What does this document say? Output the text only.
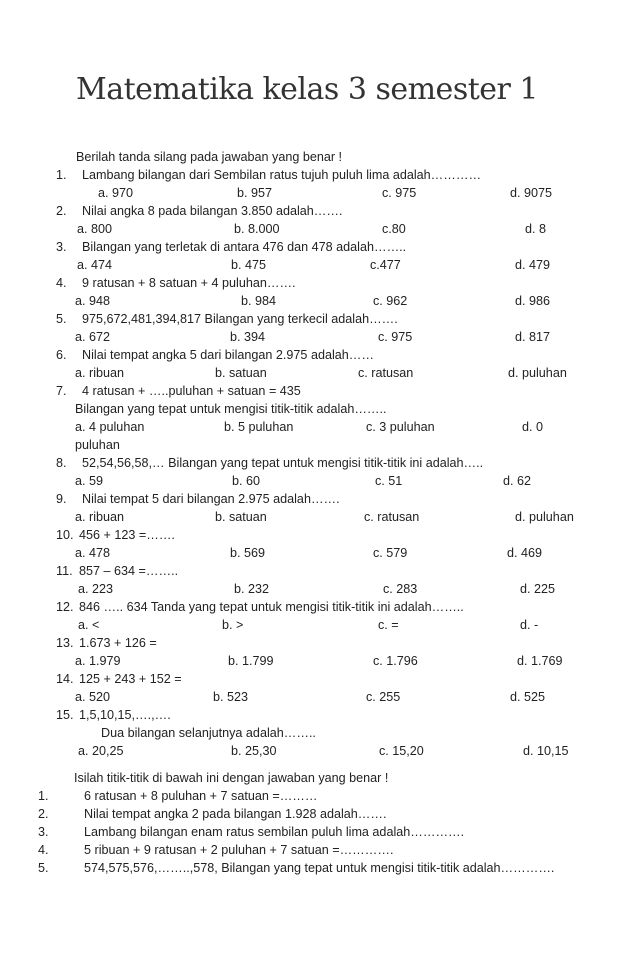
Matematika kelas 3 semester 1
Berilah tanda silang pada jawaban yang benar !
1. Lambang bilangan dari Sembilan ratus tujuh puluh lima adalah…………
a. 970	b. 957	c. 975	d. 9075
2. Nilai angka 8 pada bilangan 3.850 adalah…….
a. 800	b. 8.000	c.80	d. 8
3. Bilangan yang terletak di antara 476 dan 478 adalah……..
a. 474	b. 475	c.477	d. 479
4. 9 ratusan + 8 satuan + 4 puluhan…….
a. 948	b. 984	c. 962	d. 986
5. 975,672,481,394,817 Bilangan yang terkecil adalah…….
a. 672	b. 394	c. 975	d. 817
6. Nilai tempat angka 5 dari bilangan 2.975 adalah……
a. ribuan	b. satuan	c. ratusan	d. puluhan
7. 4 ratusan + …..puluhan + satuan = 435
Bilangan yang tepat untuk mengisi titik-titik adalah……..
a. 4 puluhan	b. 5 puluhan	c. 3 puluhan	d. 0
puluhan
8. 52,54,56,58,… Bilangan yang tepat untuk mengisi titik-titik ini adalah…..
a. 59	b. 60	c. 51	d. 62
9. Nilai tempat 5 dari bilangan 2.975 adalah…….
a. ribuan	b. satuan	c. ratusan	d. puluhan
10. 456 + 123 =…….
a. 478	b. 569	c. 579	d. 469
11. 857 – 634 =……..
a. 223	b. 232	c. 283	d. 225
12. 846 ….. 634 Tanda yang tepat untuk mengisi titik-titik ini adalah……..
a. <	b. >	c. =	d. -
13. 1.673 + 126 =
a. 1.979	b. 1.799	c. 1.796	d. 1.769
14. 125 + 243 + 152 =
a. 520	b. 523	c. 255	d. 525
15. 1,5,10,15,….,….
Dua bilangan selanjutnya adalah……..
a. 20,25	b. 25,30	c. 15,20	d. 10,15
Isilah titik-titik di bawah ini dengan jawaban yang benar !
1.	6 ratusan + 8 puluhan + 7 satuan =………
2.	Nilai tempat angka 2 pada bilangan 1.928 adalah…….
3.	Lambang bilangan enam ratus sembilan puluh lima adalah………….
4.	5 ribuan + 9 ratusan + 2 puluhan + 7 satuan =………….
5.	574,575,576,……..,578, Bilangan yang tepat untuk mengisi titik-titik adalah………….
